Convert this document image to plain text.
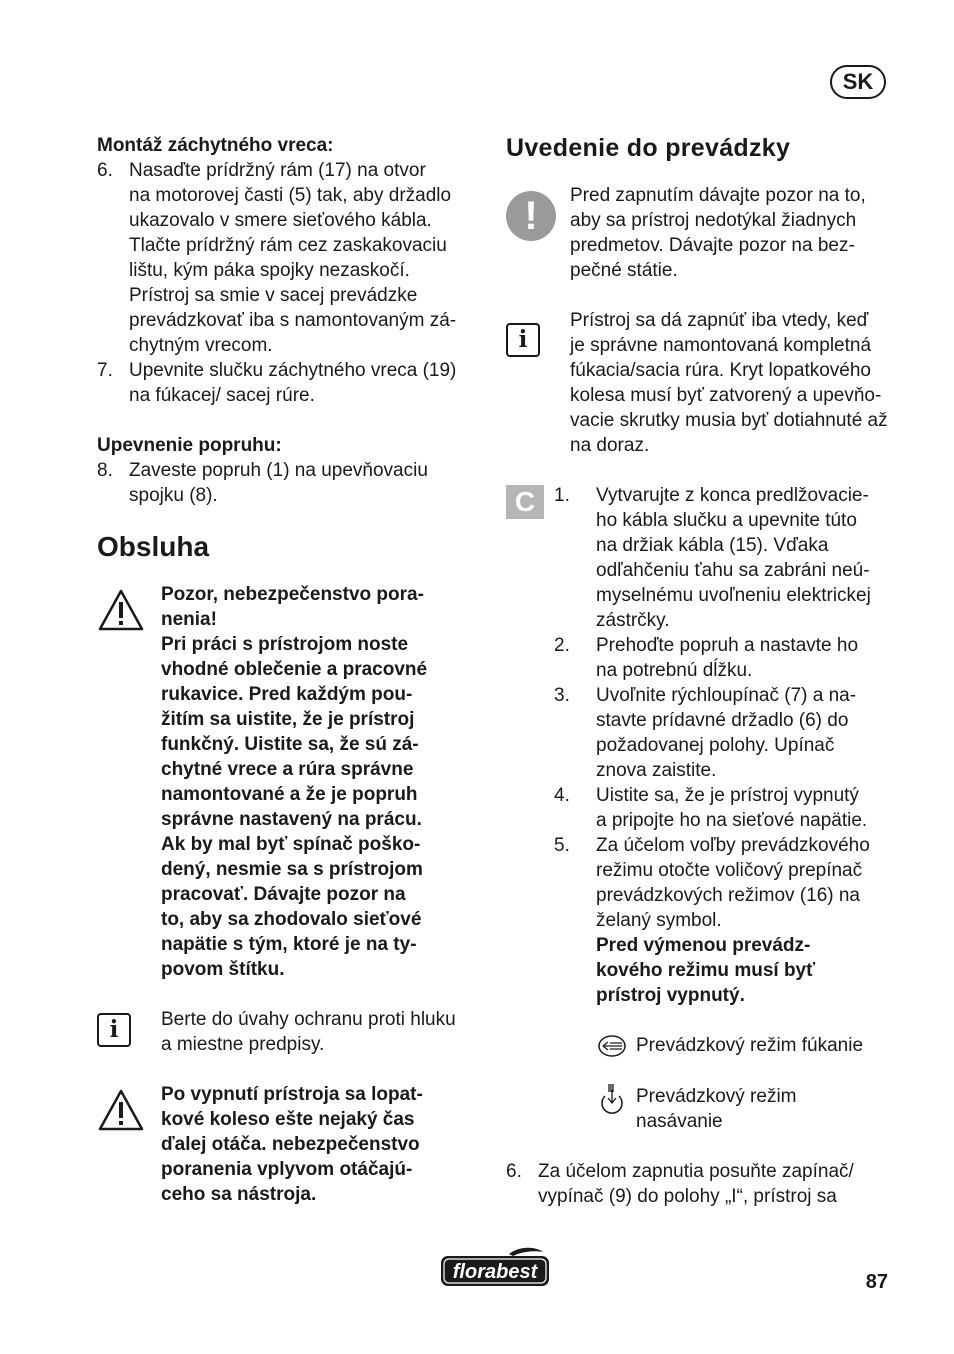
SK

Montáž záchytného vreca:

6. Nasaďte prídržný rám (17) na otvor
na motorovej časti (5) tak, aby držadlo
ukazovalo v smere sieťového kábla.
Tlačte prídržný rám cez zaskakovaciu
lištu, kým páka spojky nezaskočí.
Prístroj sa smie v sacej prevádzke
prevádzkovať iba s namontovaným zá-
chytným vrecom.
7. Upevnite slučku záchytného vreca (19)
na fúkacej/ sacej rúre.

Upevnenie popruhu:

8. Zaveste popruh (1) na upevňovaciu
spojku (8).
Obsluha
Pozor, nebezpečenstvo pora-
nenia!
Pri práci s prístrojom noste
vhodné oblečenie a pracovné
rukavice. Pred každým pou-
žitím sa uistite, že je prístroj
funkčný. Uistite sa, že sú zá-
chytné vrece a rúra správne
namontované a že je popruh
správne nastavený na prácu.
Ak by mal byť spínač poško-
dený, nesmie sa s prístrojom
pracovať. Dávajte pozor na
to, aby sa zhodovalo sieťové
napätie s tým, ktoré je na ty-
povom štítku.
i	Berte do úvahy ochranu proti hluku
a miestne predpisy.
Po vypnutí prístroja sa lopat-
kové koleso ešte nejaký čas
ďalej otáča. nebezpečenstvo
poranenia vplyvom otáčajú-
ceho sa nástroja.
Uvedenie do prevádzky
!	Pred zapnutím dávajte pozor na to,
aby sa prístroj nedotýkal žiadnych
predmetov. Dávajte pozor na bez-
pečné státie.
i
Prístroj sa dá zapnúť iba vtedy, keď
je správne namontovaná kompletná
fúkacia/sacia rúra. Kryt lopatkového
kolesa musí byť zatvorený a upevňo-
vacie skrutky musia byť dotiahnuté až
na doraz.
C 1.	Vytvarujte z konca predlžovacie-
ho kábla slučku a upevnite túto
na držiak kábla (15). Vďaka
odľahčeniu ťahu sa zabráni neú-
myselnému uvoľneniu elektrickej
zástrčky.
2.	Prehoďte popruh a nastavte ho
na potrebnú dĺžku.
3.	Uvoľnite rýchloupínač (7) a na-
stavte prídavné držadlo (6) do
požadovanej polohy. Upínač
znova zaistite.
4.	Uistite sa, že je prístroj vypnutý
a pripojte ho na sieťové napätie.
5.	Za účelom voľby prevádzkového
režimu otočte voličový prepínač
prevádzkových režimov (16) na
želaný symbol.
Pred výmenou prevádz-
kového režimu musí byť
prístroj vypnutý.
Prevádzkový režim fúkanie
Prevádzkový režim
nasávanie
6. Za účelom zapnutia posuňte zapínač/
vypínač (9) do polohy „I“, prístroj sa
florabest	87
